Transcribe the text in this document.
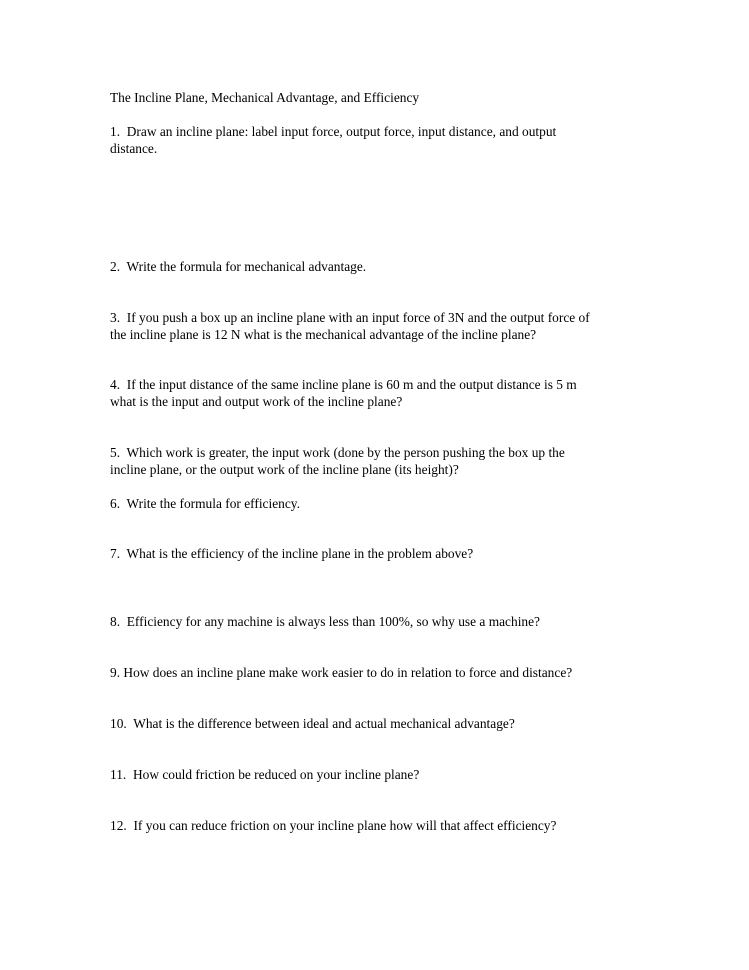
The Incline Plane, Mechanical Advantage, and Efficiency
1. Draw an incline plane: label input force, output force, input distance, and output
distance.
2. Write the formula for mechanical advantage.
3. If you push a box up an incline plane with an input force of 3N and the output force of
the incline plane is 12 N what is the mechanical advantage of the incline plane?
4. If the input distance of the same incline plane is 60 m and the output distance is 5 m
what is the input and output work of the incline plane?
5. Which work is greater, the input work (done by the person pushing the box up the
incline plane, or the output work of the incline plane (its height)?
6. Write the formula for efficiency.
7. What is the efficiency of the incline plane in the problem above?
8. Efficiency for any machine is always less than 100%, so why use a machine?
9. How does an incline plane make work easier to do in relation to force and distance?
10. What is the difference between ideal and actual mechanical advantage?
11. How could friction be reduced on your incline plane?
12. If you can reduce friction on your incline plane how will that affect efficiency?
